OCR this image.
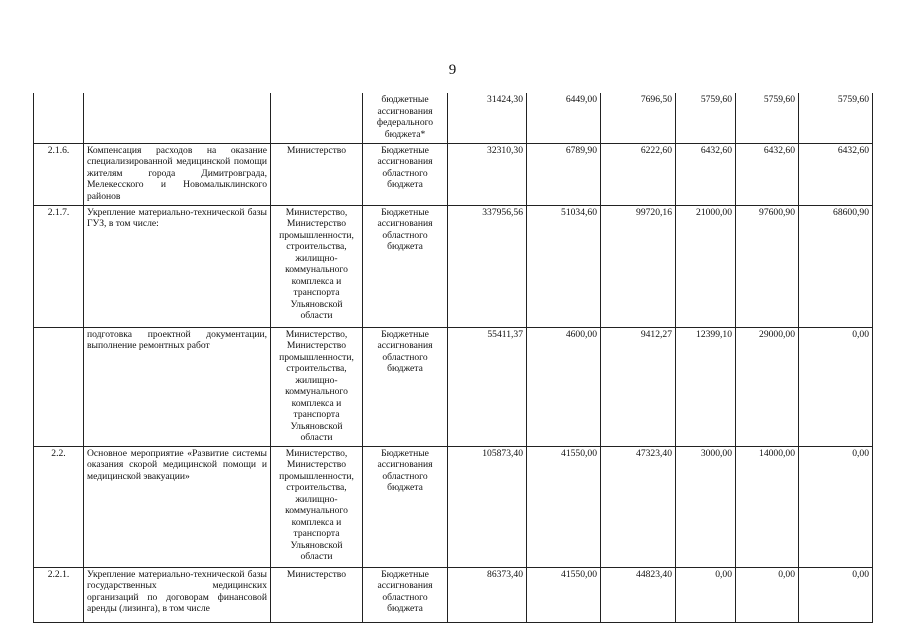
9
			бюджетные ассигнования федерального бюджета*	31424,30	6449,00	7696,50	5759,60	5759,60	5759,60
2.1.6.	Компенсация расходов на оказание специализированной медицинской помощи жителям города Димитровграда, Мелекесского и Новомалыклинского районов	Министерство	Бюджетные ассигнования областного бюджета	32310,30	6789,90	6222,60	6432,60	6432,60	6432,60
2.1.7.	Укрепление материально-технической базы ГУЗ, в том числе:	Министерство, Министерство промышленности, строительства, жилищно-коммунального комплекса и транспорта Ульяновской области	Бюджетные ассигнования областного бюджета	337956,56	51034,60	99720,16	21000,00	97600,90	68600,90
	подготовка проектной документации, выполнение ремонтных работ	Министерство, Министерство промышленности, строительства, жилищно-коммунального комплекса и транспорта Ульяновской области	Бюджетные ассигнования областного бюджета	55411,37	4600,00	9412,27	12399,10	29000,00	0,00
2.2.	Основное мероприятие «Развитие системы оказания скорой медицинской помощи и медицинской эвакуации»	Министерство, Министерство промышленности, строительства, жилищно-коммунального комплекса и транспорта Ульяновской области	Бюджетные ассигнования областного бюджета	105873,40	41550,00	47323,40	3000,00	14000,00	0,00
2.2.1.	Укрепление материально-технической базы государственных медицинских организаций по договорам финансовой аренды (лизинга), в том числе	Министерство	Бюджетные ассигнования областного бюджета	86373,40	41550,00	44823,40	0,00	0,00	0,00
